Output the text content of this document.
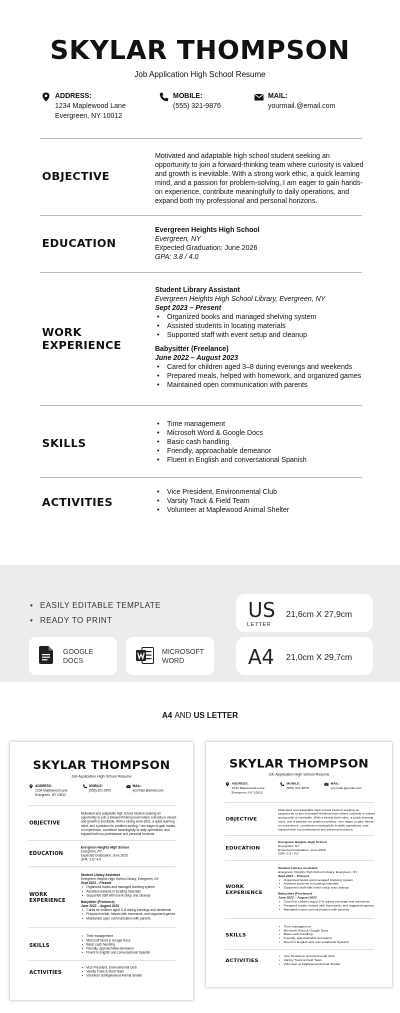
SKYLAR THOMPSON
Job Application High School Resume
ADDRESS:
1234 Maplewood Lane
Evergreen, NY 10012
MOBILE:
(555) 321-9876
MAIL:
yourmail.@email.com
OBJECTIVE
Motivated and adaptable high school student seeking an opportunity to join a forward-thinking team where curiosity is valued and growth is inevitable. With a strong work ethic, a quick learning mind, and a passion for problem-solving, I am eager to gain hands-on experience, contribute meaningfully to daily operations, and expand both my professional and personal horizons.
EDUCATION
Evergreen Heights High School
Evergreen, NY
Expected Graduation: June 2026
GPA: 3.8 / 4.0
WORK
EXPERIENCE
Student Library Assistant
Evergreen Heights High School Library, Evergreen, NY
Sept 2023 – Present
• Organized books and managed shelving system
• Assisted students in locating materials
• Supported staff with event setup and cleanup
Babysitter (Freelance)
June 2022 – August 2023
• Cared for children aged 3–8 during evenings and weekends
• Prepared meals, helped with homework, and organized games
• Maintained open communication with parents
SKILLS
• Time management
• Microsoft Word & Google Docs
• Basic cash handling
• Friendly, approachable demeanor
• Fluent in English and conversational Spanish
ACTIVITIES
• Vice President, Environmental Club
• Varsity Track & Field Team
• Volunteer at Maplewood Animal Shelter
• EASILY EDITABLE TEMPLATE
• READY TO PRINT
GOOGLE
DOCS
MICROSOFT
WORD
US
LETTER
21,6cm X 27,9cm
A4 21,0cm X 29,7cm
A4 AND US LETTER
SKYLAR THOMPSON
Job Application High School Resume
ADDRESS:
1234 Maplewood Lane
Evergreen, NY 10012
MOBILE:
(555) 321-9876
MAIL:
yourmail.@email.com
OBJECTIVE
Motivated and adaptable high school student seeking an opportunity to join a forward-thinking team where curiosity is valued and growth is inevitable. With a strong work ethic, a quick learning mind, and a passion for problem-solving, I am eager to gain hands-on experience, contribute meaningfully to daily operations, and expand both my professional and personal horizons.
EDUCATION
Evergreen Heights High School
Evergreen, NY
Expected Graduation: June 2026
GPA: 3.8 / 4.0
WORK
EXPERIENCE
Student Library Assistant
Evergreen Heights High School Library, Evergreen, NY
Sept 2023 – Present
• Organized books and managed shelving system
• Assisted students in locating materials
• Supported staff with event setup and cleanup
Babysitter (Freelance)
June 2022 – August 2023
• Cared for children aged 3–8 during evenings and weekends
• Prepared meals, helped with homework, and organized games
• Maintained open communication with parents
SKILLS
• Time management
• Microsoft Word & Google Docs
• Basic cash handling
• Friendly, approachable demeanor
• Fluent in English and conversational Spanish
ACTIVITIES
• Vice President, Environmental Club
• Varsity Track & Field Team
• Volunteer at Maplewood Animal Shelter
SKYLAR THOMPSON
Job Application High School Resume
ADDRESS:
1234 Maplewood Lane
Evergreen, NY 10012
MOBILE:
(555) 321-9876
MAIL:
yourmail.@email.com
OBJECTIVE
Motivated and adaptable high school student seeking an opportunity to join a forward-thinking team where curiosity is valued and growth is inevitable. With a strong work ethic, a quick learning mind, and a passion for problem-solving, I am eager to gain hands-on experience, contribute meaningfully to daily operations, and expand both my professional and personal horizons.
EDUCATION
Evergreen Heights High School
Evergreen, NY
Expected Graduation: June 2026
GPA: 3.8 / 4.0
WORK
EXPERIENCE
Student Library Assistant
Evergreen Heights High School Library, Evergreen, NY
Sept 2023 – Present
• Organized books and managed shelving system
• Assisted students in locating materials
• Supported staff with event setup and cleanup
Babysitter (Freelance)
June 2022 – August 2023
• Cared for children aged 3–8 during evenings and weekends
• Prepared meals, helped with homework, and organized games
• Maintained open communication with parents
SKILLS
• Time management
• Microsoft Word & Google Docs
• Basic cash handling
• Friendly, approachable demeanor
• Fluent in English and conversational Spanish
ACTIVITIES
• Vice President, Environmental Club
• Varsity Track & Field Team
• Volunteer at Maplewood Animal Shelter
